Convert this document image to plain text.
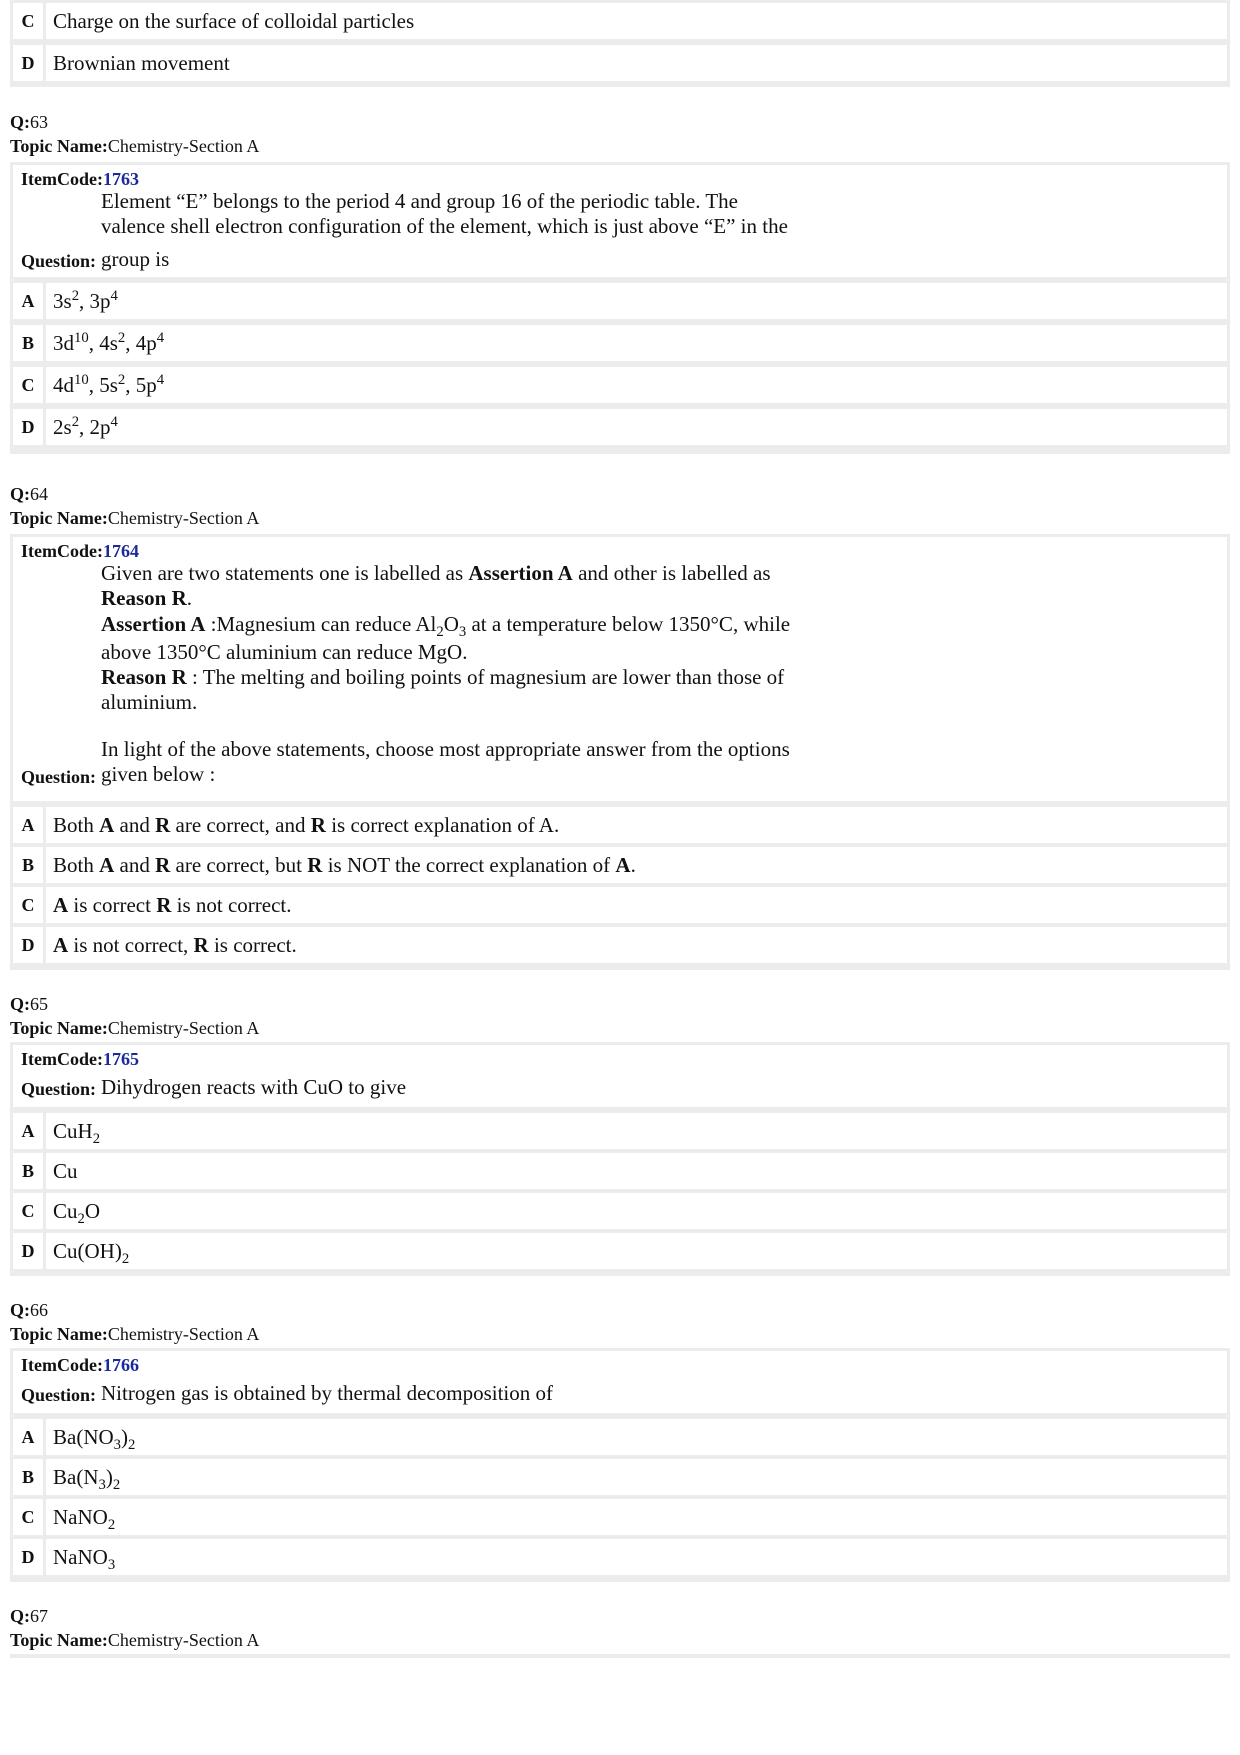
C Charge on the surface of colloidal particles
D Brownian movement
Q:63
Topic Name:Chemistry-Section A
ItemCode:1763
Element “E” belongs to the period 4 and group 16 of the periodic table. The
valence shell electron configuration of the element, which is just above “E” in the
Question: group is
A $3s^2$, $3p^4$
B $3d^{10}$, $4s^2$, $4p^4$
C $4d^{10}$, $5s^2$, $5p^4$
D $2s^2$, $2p^4$
Q:64
Topic Name:Chemistry-Section A
ItemCode:1764
Given are two statements one is labelled as Assertion A and other is labelled as
Reason R.
Assertion A :Magnesium can reduce $Al_2O_3$ at a temperature below 1350°C, while
above 1350°C aluminium can reduce MgO.
Reason R : The melting and boiling points of magnesium are lower than those of
aluminium.
In light of the above statements, choose most appropriate answer from the options
Question: given below :
A Both A and R are correct, and R is correct explanation of A.
B Both A and R are correct, but R is NOT the correct explanation of A.
C A is correct R is not correct.
D A is not correct, R is correct.
Q:65
Topic Name:Chemistry-Section A
ItemCode:1765
Question: Dihydrogen reacts with CuO to give
A CuH$_2$
B Cu
C $Cu_2O$
D $Cu(OH)_2$
Q:66
Topic Name:Chemistry-Section A
ItemCode:1766
Question: Nitrogen gas is obtained by thermal decomposition of
A $Ba(NO_3)_2$
B $Ba(N_3)_2$
C NaNO$_2$
D NaNO$_3$
Q:67
Topic Name:Chemistry-Section A
